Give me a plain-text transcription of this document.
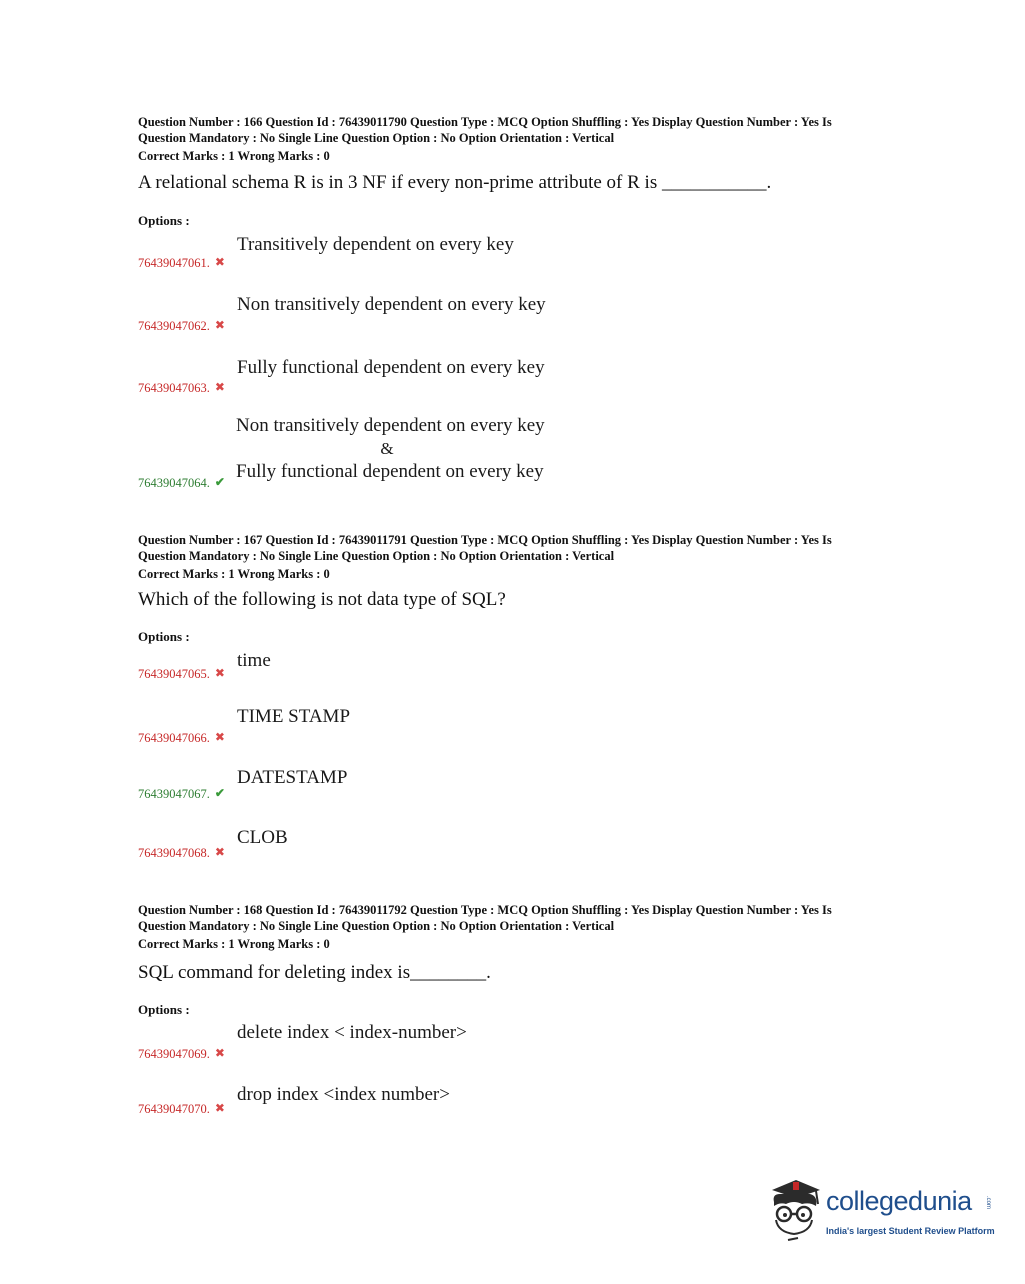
Question Number : 166 Question Id : 76439011790 Question Type : MCQ Option Shuffling : Yes Display Question Number : Yes Is
Question Mandatory : No Single Line Question Option : No Option Orientation : Vertical
Correct Marks : 1 Wrong Marks : 0
A relational schema R is in 3 NF if every non-prime attribute of R is ___________.
Options :
Transitively dependent on every key
76439047061. ✖
Non transitively dependent on every key
76439047062. ✖
Fully functional dependent on every key
76439047063. ✖
Non transitively dependent on every key
&
Fully functional dependent on every key
76439047064. ✔
Question Number : 167 Question Id : 76439011791 Question Type : MCQ Option Shuffling : Yes Display Question Number : Yes Is
Question Mandatory : No Single Line Question Option : No Option Orientation : Vertical
Correct Marks : 1 Wrong Marks : 0
Which of the following is not data type of SQL?
Options :
time
76439047065. ✖
TIME STAMP
76439047066. ✖
DATESTAMP
76439047067. ✔
CLOB
76439047068. ✖
Question Number : 168 Question Id : 76439011792 Question Type : MCQ Option Shuffling : Yes Display Question Number : Yes Is
Question Mandatory : No Single Line Question Option : No Option Orientation : Vertical
Correct Marks : 1 Wrong Marks : 0
SQL command for deleting index is________.
Options :
delete index < index-number>
76439047069. ✖
drop index <index number>
76439047070. ✖
collegedunia .com
India's largest Student Review Platform
